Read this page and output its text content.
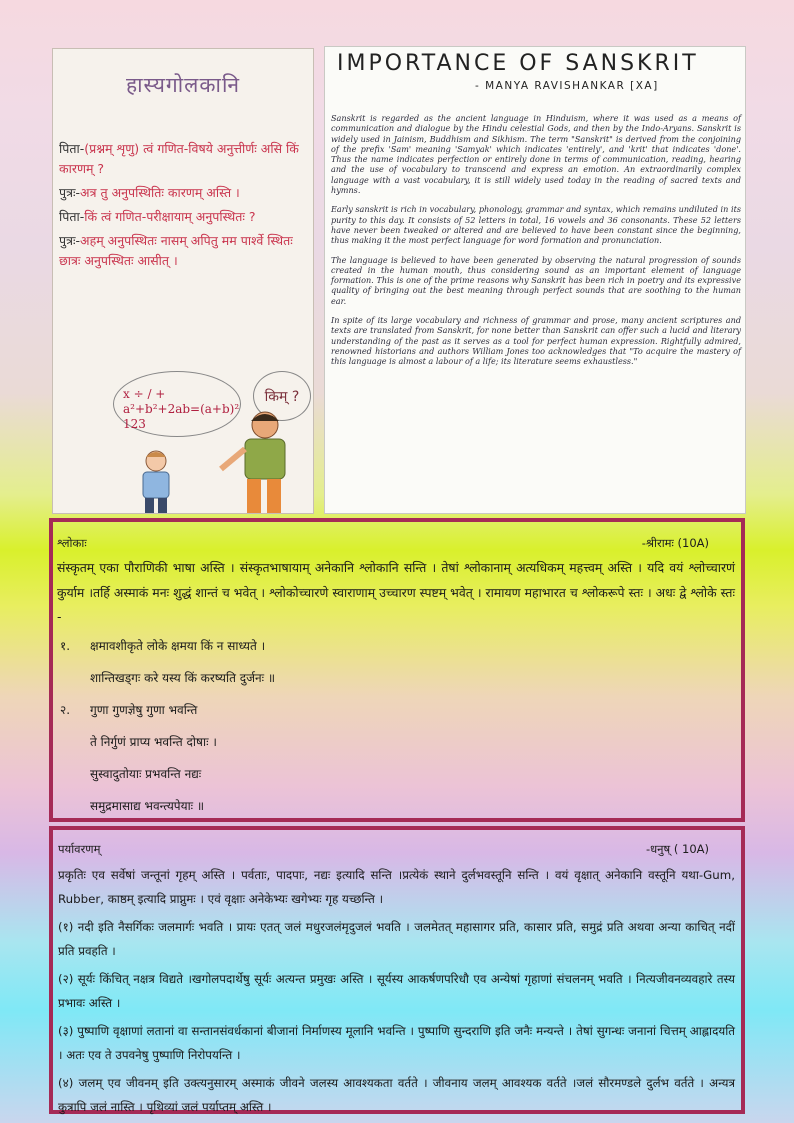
हास्यगोलकानि
पिता-(प्रश्नम् शृणु) त्वं गणित-विषये अनुत्तीर्णः असि किं कारणम् ?
पुत्रः-अत्र तु अनुपस्थितिः कारणम् अस्ति ।
पिता-किं त्वं गणित-परीक्षायाम् अनुपस्थितः ?
पुत्रः-अहम् अनुपस्थितः नासम् अपितु मम पार्श्वे स्थितः छात्रः अनुपस्थितः आसीत् ।
x ÷ / +
a²+b²+2ab=(a+b)²
123
किम् ?
IMPORTANCE OF SANSKRIT
- MANYA RAVISHANKAR [XA]

Sanskrit is regarded as the ancient language in Hinduism, where it was used as a means of communication and dialogue by the Hindu celestial Gods, and then by the Indo-Aryans. Sanskrit is widely used in Jainism, Buddhism and Sikhism. The term "Sanskrit" is derived from the conjoining of the prefix 'Sam' meaning 'Samyak' which indicates 'entirely', and 'krit' that indicates 'done'. Thus the name indicates perfection or entirely done in terms of communication, reading, hearing and the use of vocabulary to transcend and express an emotion. An extraordinarily complex language with a vast vocabulary, it is still widely used today in the reading of sacred texts and hymns.

Early sanskrit is rich in vocabulary, phonology, grammar and syntax, which remains undiluted in its purity to this day. It consists of 52 letters in total, 16 vowels and 36 consonants. These 52 letters have never been tweaked or altered and are believed to have been constant since the beginning, thus making it the most perfect language for word formation and pronunciation.

The language is believed to have been generated by observing the natural progression of sounds created in the human mouth, thus considering sound as an important element of language formation. This is one of the prime reasons why Sanskrit has been rich in poetry and its expressive quality of bringing out the best meaning through perfect sounds that are soothing to the human ear.

In spite of its large vocabulary and richness of grammar and prose, many ancient scriptures and texts are translated from Sanskrit, for none better than Sanskrit can offer such a lucid and literary understanding of the past as it serves as a tool for perfect human expression. Rightfully admired, renowned historians and authors William Jones too acknowledges that "To acquire the mastery of this language is almost a labour of a life; its literature seems exhaustless."

श्लोकाः	-श्रीरामः (10A)
संस्कृतम् एका पौराणिकी भाषा अस्ति । संस्कृतभाषायाम् अनेकानि श्लोकानि सन्ति । तेषां श्लोकानाम् अत्यधिकम् महत्त्वम् अस्ति । यदि वयं श्लोच्चारणं कुर्याम ।तर्हि अस्माकं मनः शुद्धं शान्तं च भवेत् । श्लोकोच्चारणे स्वाराणाम् उच्चारण स्पष्टम् भवेत् । रामायण महाभारत च श्लोकरूपे स्तः । अधः द्वे श्लोके स्तः -
१. क्षमावशीकृते लोके क्षमया किं न साध्यते ।
शान्तिखड्गः करे यस्य किं करष्यति दुर्जनः ॥
२. गुणा गुणज्ञेषु गुणा भवन्ति
ते निर्गुणं प्राप्य भवन्ति दोषाः ।
सुस्वादुतोयाः प्रभवन्ति नद्यः
समुद्रमासाद्य भवन्त्यपेयाः ॥
पर्यावरणम्	-धनुष् ( 10A)

प्रकृतिः एव सर्वेषां जन्तूनां गृहम् अस्ति । पर्वताः, पादपाः, नद्यः इत्यादि सन्ति ।प्रत्येकं स्थाने दुर्लभवस्तूनि सन्ति । वयं वृक्षात् अनेकानि वस्तूनि यथा-Gum, Rubber, काष्ठम् इत्यादि प्राप्नुमः । एवं वृक्षाः अनेकेभ्यः खगेभ्यः गृह यच्छन्ति ।

(१) नदी इति नैसर्गिकः जलमार्गः भवति । प्रायः एतत् जलं मधुरजलंमृदुजलं भवति । जलमेतत् महासागर प्रति, कासार प्रति, समुद्रं प्रति अथवा अन्या काचित् नदीं प्रति प्रवहति ।

(२) सूर्यः किंचित् नक्षत्र विद्यते ।खगोलपदार्थेषु सूर्यः अत्यन्त प्रमुखः अस्ति । सूर्यस्य आकर्षणपरिधौ एव अन्येषां गृहाणां संचलनम् भवति । नित्यजीवनव्यवहारे तस्य प्रभावः अस्ति ।

(३) पुष्पाणि वृक्षाणां लतानां वा सन्तानसंवर्धकानां बीजानां निर्माणस्य मूलानि भवन्ति । पुष्पाणि सुन्दराणि इति जनैः मन्यन्ते । तेषां सुगन्धः जनानां चित्तम् आह्लादयति । अतः एव ते उपवनेषु पुष्पाणि निरोपयन्ति ।

(४) जलम् एव जीवनम् इति उक्त्यनुसारम् अस्माकं जीवने जलस्य आवश्यकता वर्तते । जीवनाय जलम् आवश्यक वर्तते ।जलं सौरमण्डले दुर्लभ वर्तते । अन्यत्र कुत्रापि जलं नास्ति । पृथिव्यां जलं पर्याप्तम् अस्ति ।
